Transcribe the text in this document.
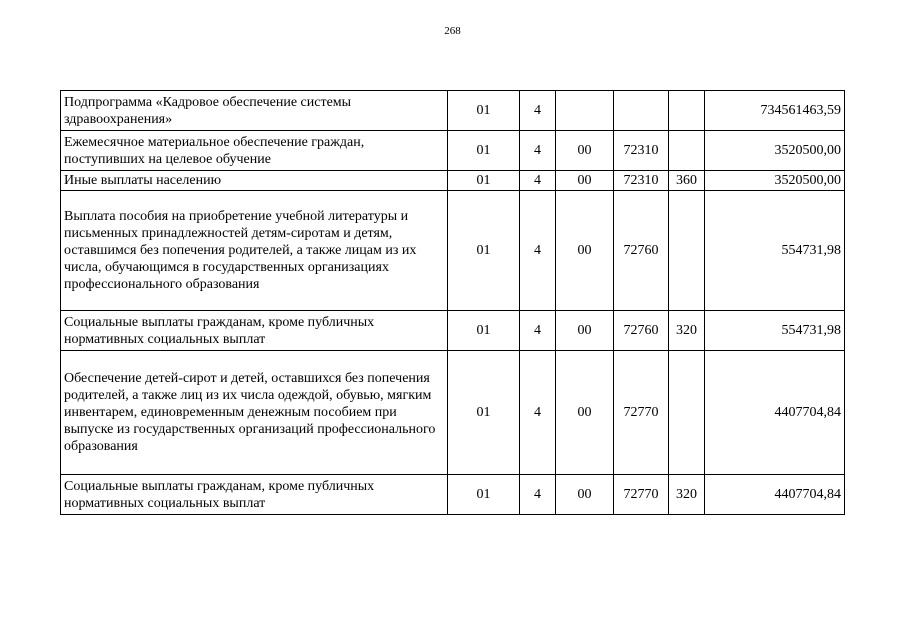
268
Подпрограмма «Кадровое обеспечение системы здравоохранения»	01	4				734561463,59
Ежемесячное материальное обеспечение граждан, поступивших на целевое обучение	01	4	00	72310		3520500,00
Иные выплаты населению	01	4	00	72310	360	3520500,00
Выплата пособия на приобретение учебной литературы и письменных принадлежностей детям-сиротам и детям, оставшимся без попечения родителей, а также лицам из их числа, обучающимся в государственных организациях профессионального образования	01	4	00	72760		554731,98
Социальные выплаты гражданам, кроме публичных нормативных социальных выплат	01	4	00	72760	320	554731,98
Обеспечение детей-сирот и детей, оставшихся без попечения родителей, а также лиц из их числа одеждой, обувью, мягким инвентарем, единовременным денежным пособием при выпуске из государственных организаций профессионального образования	01	4	00	72770		4407704,84
Социальные выплаты гражданам, кроме публичных нормативных социальных выплат	01	4	00	72770	320	4407704,84
